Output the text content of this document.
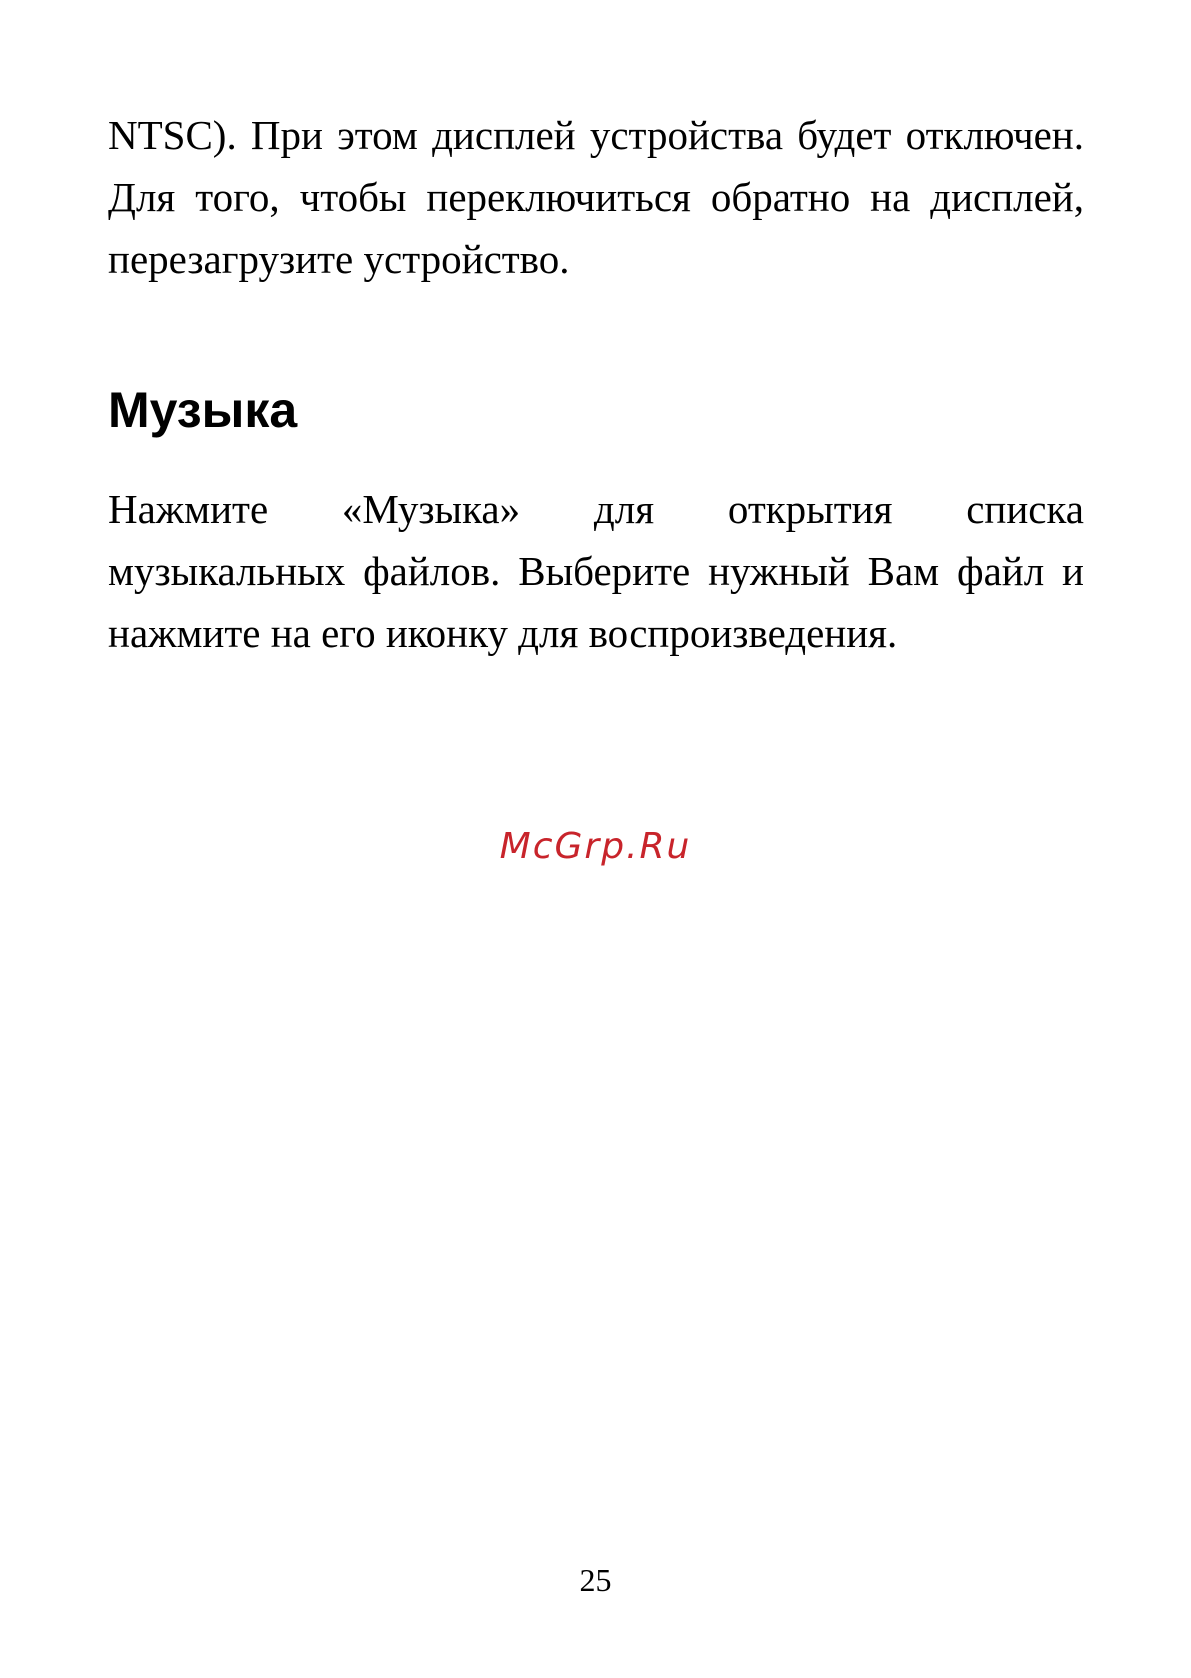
NTSC). При этом дисплей устройства будет отключен.
Для того, чтобы переключиться обратно на дисплей,
перезагрузите устройство.

Музыка

Нажмите «Музыка» для открытия списка
музыкальных файлов. Выберите нужный Вам файл и
нажмите на его иконку для воспроизведения.

McGrp.Ru
25
